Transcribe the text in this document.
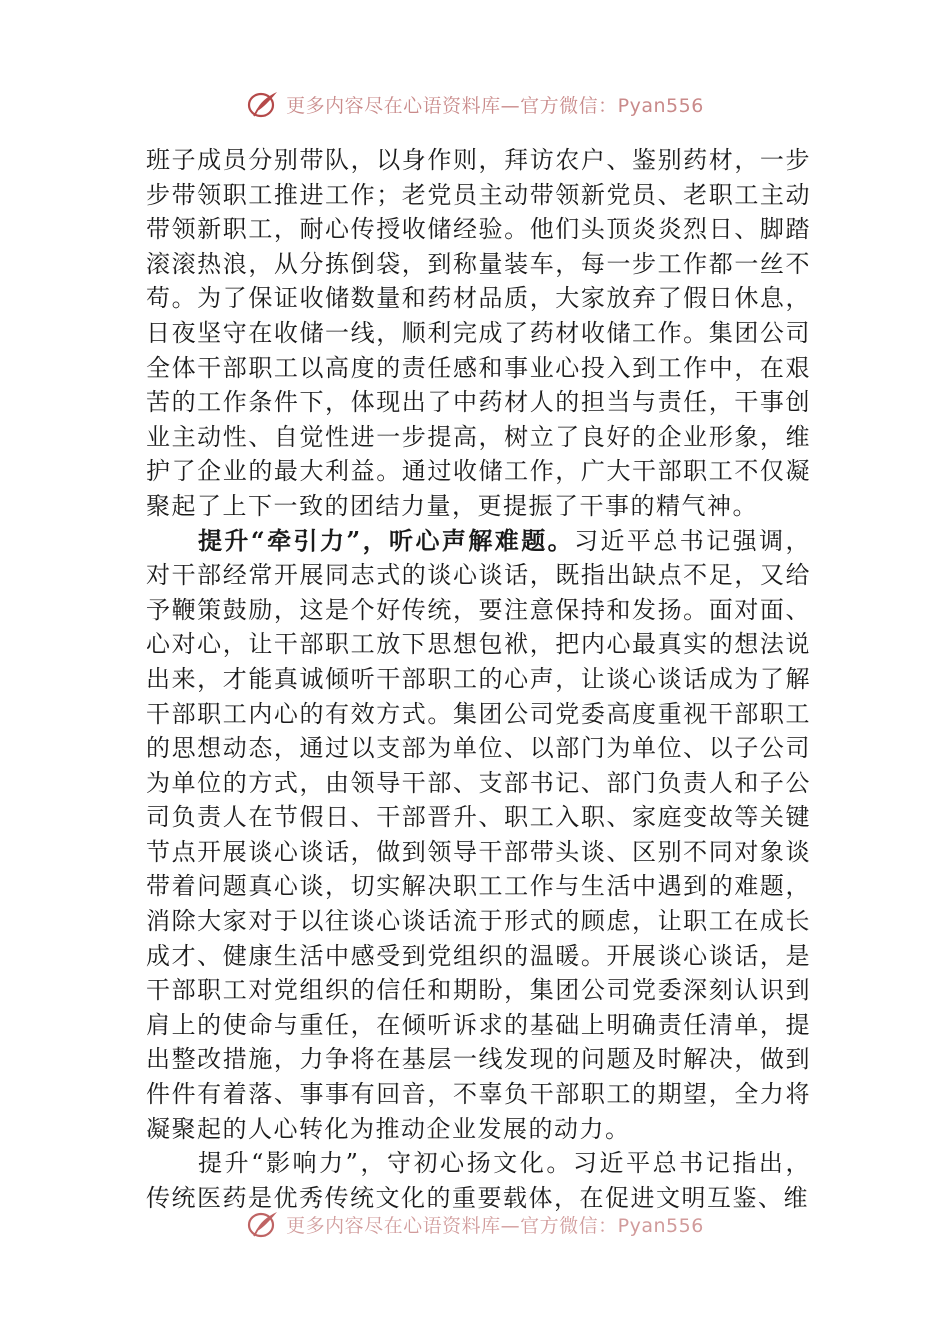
更多内容尽在心语资料库—官方微信：Pyan556

班子成员分别带队，以身作则，拜访农户、鉴别药材，一步步带领职工推进工作；老党员主动带领新党员、老职工主动带领新职工，耐心传授收储经验。他们头顶炎炎烈日、脚踏滚滚热浪，从分拣倒袋，到称量装车，每一步工作都一丝不苟。为了保证收储数量和药材品质，大家放弃了假日休息，日夜坚守在收储一线，顺利完成了药材收储工作。集团公司全体干部职工以高度的责任感和事业心投入到工作中，在艰苦的工作条件下，体现出了中药材人的担当与责任，干事创业主动性、自觉性进一步提高，树立了良好的企业形象，维护了企业的最大利益。通过收储工作，广大干部职工不仅凝聚起了上下一致的团结力量，更提振了干事的精气神。

提升“牵引力”，听心声解难题。习近平总书记强调，对干部经常开展同志式的谈心谈话，既指出缺点不足，又给予鞭策鼓励，这是个好传统，要注意保持和发扬。面对面、心对心，让干部职工放下思想包袱，把内心最真实的想法说出来，才能真诚倾听干部职工的心声，让谈心谈话成为了解干部职工内心的有效方式。集团公司党委高度重视干部职工的思想动态，通过以支部为单位、以部门为单位、以子公司为单位的方式，由领导干部、支部书记、部门负责人和子公司负责人在节假日、干部晋升、职工入职、家庭变故等关键节点开展谈心谈话，做到领导干部带头谈、区别不同对象谈带着问题真心谈，切实解决职工工作与生活中遇到的难题，消除大家对于以往谈心谈话流于形式的顾虑，让职工在成长成才、健康生活中感受到党组织的温暖。开展谈心谈话，是干部职工对党组织的信任和期盼，集团公司党委深刻认识到肩上的使命与重任，在倾听诉求的基础上明确责任清单，提出整改措施，力争将在基层一线发现的问题及时解决，做到件件有着落、事事有回音，不辜负干部职工的期望，全力将凝聚起的人心转化为推动企业发展的动力。

提升“影响力”，守初心扬文化。习近平总书记指出，传统医药是优秀传统文化的重要载体，在促进文明互鉴、维

更多内容尽在心语资料库—官方微信：Pyan556
